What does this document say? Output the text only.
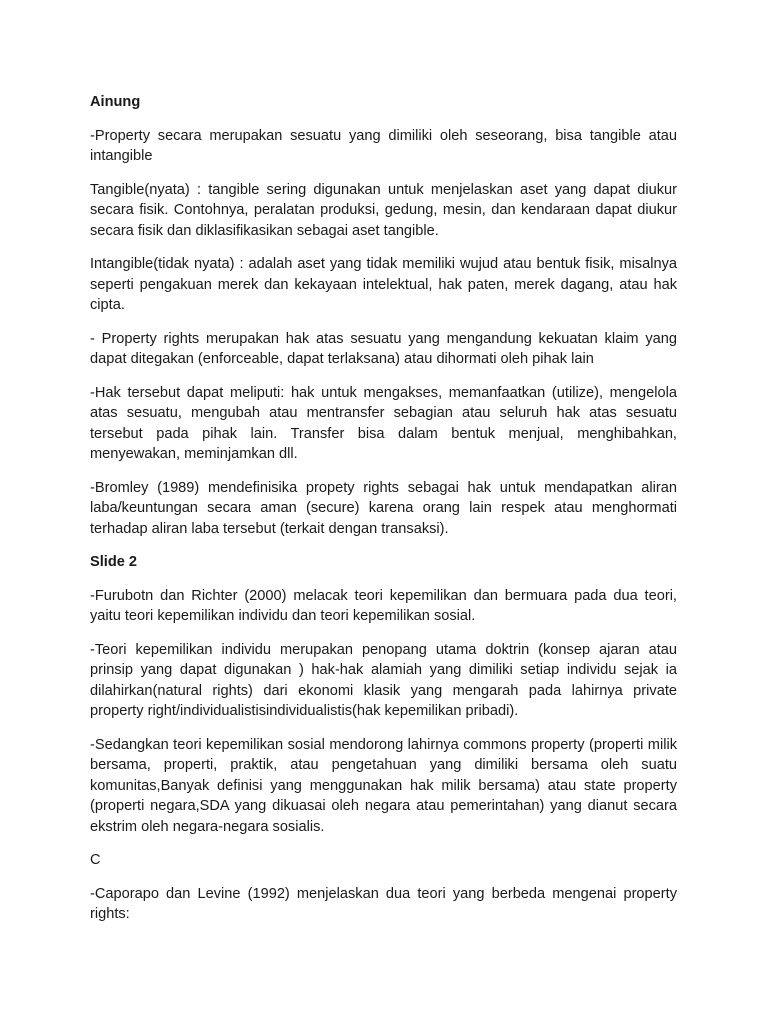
Ainung
-Property secara merupakan sesuatu yang dimiliki oleh seseorang, bisa tangible atau intangible
Tangible(nyata) : tangible sering digunakan untuk menjelaskan aset yang dapat diukur secara fisik. Contohnya, peralatan produksi, gedung, mesin, dan kendaraan dapat diukur secara fisik dan diklasifikasikan sebagai aset tangible.
Intangible(tidak nyata) : adalah aset yang tidak memiliki wujud atau bentuk fisik, misalnya seperti pengakuan merek dan kekayaan intelektual, hak paten, merek dagang, atau hak cipta.
- Property rights merupakan hak atas sesuatu yang mengandung kekuatan klaim yang dapat ditegakan (enforceable, dapat terlaksana) atau dihormati oleh pihak lain
-Hak tersebut dapat meliputi: hak untuk mengakses, memanfaatkan (utilize), mengelola atas sesuatu, mengubah atau mentransfer sebagian atau seluruh hak atas sesuatu tersebut pada pihak lain. Transfer bisa dalam bentuk menjual, menghibahkan, menyewakan, meminjamkan dll.
-Bromley (1989) mendefinisika propety rights sebagai hak untuk mendapatkan aliran laba/keuntungan secara aman (secure) karena orang lain respek atau menghormati terhadap aliran laba tersebut (terkait dengan transaksi).
Slide 2
-Furubotn dan Richter (2000) melacak teori kepemilikan dan bermuara pada dua teori, yaitu teori kepemilikan individu dan teori kepemilikan sosial.
-Teori kepemilikan individu merupakan penopang utama doktrin (konsep ajaran atau prinsip yang dapat digunakan ) hak-hak alamiah yang dimiliki setiap individu sejak ia dilahirkan(natural rights) dari ekonomi klasik yang mengarah pada lahirnya private property right/individualistisindividualistis(hak kepemilikan pribadi).
-Sedangkan teori kepemilikan sosial mendorong lahirnya commons property (properti milik bersama, properti, praktik, atau pengetahuan yang dimiliki bersama oleh suatu komunitas,Banyak definisi yang menggunakan hak milik bersama) atau state property (properti negara,SDA yang dikuasai oleh negara atau pemerintahan) yang dianut secara ekstrim oleh negara-negara sosialis.
C
-Caporapo dan Levine (1992) menjelaskan dua teori yang berbeda mengenai property rights:
